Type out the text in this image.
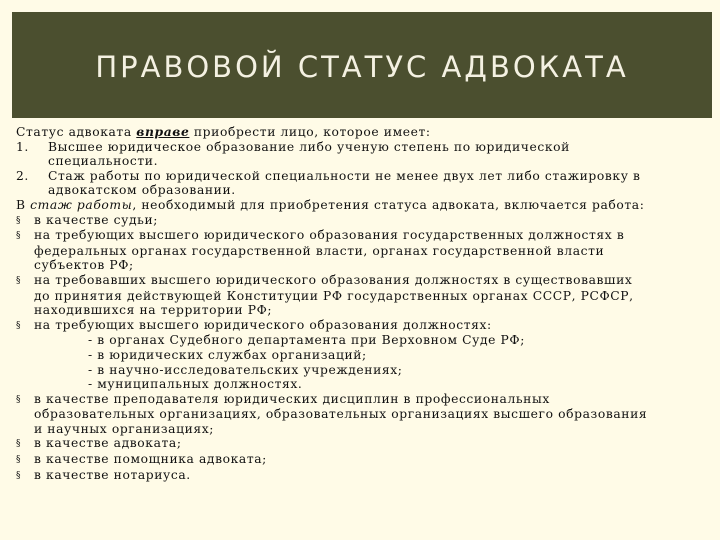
ПРАВОВОЙ СТАТУС АДВОКАТА
Статус адвоката вправе приобрести лицо, которое имеет:
1. Высшее юридическое образование либо ученую степень по юридической
специальности.
2. Стаж работы по юридической специальности не менее двух лет либо стажировку в
адвокатском образовании.
В стаж работы, необходимый для приобретения статуса адвоката, включается работа:
§ в качестве судьи;
§ на требующих высшего юридического образования государственных должностях в
федеральных органах государственной власти, органах государственной власти
субъектов РФ;
§ на требовавших высшего юридического образования должностях в существовавших
до принятия действующей Конституции РФ государственных органах СССР, РСФСР,
находившихся на территории РФ;
§ на требующих высшего юридического образования должностях:
- в органах Судебного департамента при Верховном Суде РФ;
- в юридических службах организаций;
- в научно-исследовательских учреждениях;
- муниципальных должностях.
§ в качестве преподавателя юридических дисциплин в профессиональных
образовательных организациях, образовательных организациях высшего образования
и научных организациях;
§ в качестве адвоката;
§ в качестве помощника адвоката;
§ в качестве нотариуса.
